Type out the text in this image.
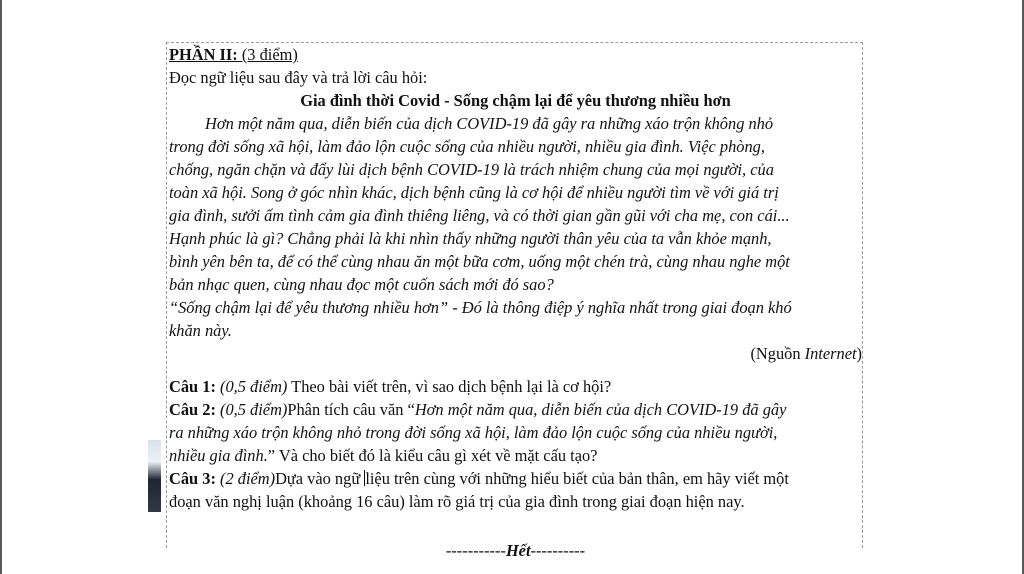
PHẦN II: (3 điểm)
Đọc ngữ liệu sau đây và trả lời câu hỏi:
Gia đình thời Covid - Sống chậm lại để yêu thương nhiều hơn
Hơn một năm qua, diễn biến của dịch COVID-19 đã gây ra những xáo trộn không nhỏ
trong đời sống xã hội, làm đảo lộn cuộc sống của nhiều người, nhiều gia đình. Việc phòng,
chống, ngăn chặn và đẩy lùi dịch bệnh COVID-19 là trách nhiệm chung của mọi người, của
toàn xã hội. Song ở góc nhìn khác, dịch bệnh cũng là cơ hội để nhiều người tìm về với giá trị
gia đình, sưởi ấm tình cảm gia đình thiêng liêng, và có thời gian gần gũi với cha mẹ, con cái...
Hạnh phúc là gì? Chẳng phải là khi nhìn thấy những người thân yêu của ta vẫn khỏe mạnh,
bình yên bên ta, để có thể cùng nhau ăn một bữa cơm, uống một chén trà, cùng nhau nghe một
bản nhạc quen, cùng nhau đọc một cuốn sách mới đó sao?
“Sống chậm lại để yêu thương nhiều hơn” - Đó là thông điệp ý nghĩa nhất trong giai đoạn khó
khăn này.
(Nguồn Internet)
Câu 1: (0,5 điểm) Theo bài viết trên, vì sao dịch bệnh lại là cơ hội?
Câu 2: (0,5 điểm)Phân tích câu văn “Hơn một năm qua, diễn biến của dịch COVID-19 đã gây
ra những xáo trộn không nhỏ trong đời sống xã hội, làm đảo lộn cuộc sống của nhiều người,
nhiều gia đình.” Và cho biết đó là kiểu câu gì xét về mặt cấu tạo?
Câu 3: (2 điểm)Dựa vào ngữ liệu trên cùng với những hiểu biết của bản thân, em hãy viết một
đoạn văn nghị luận (khoảng 16 câu) làm rõ giá trị của gia đình trong giai đoạn hiện nay.
-----------Hết----------
